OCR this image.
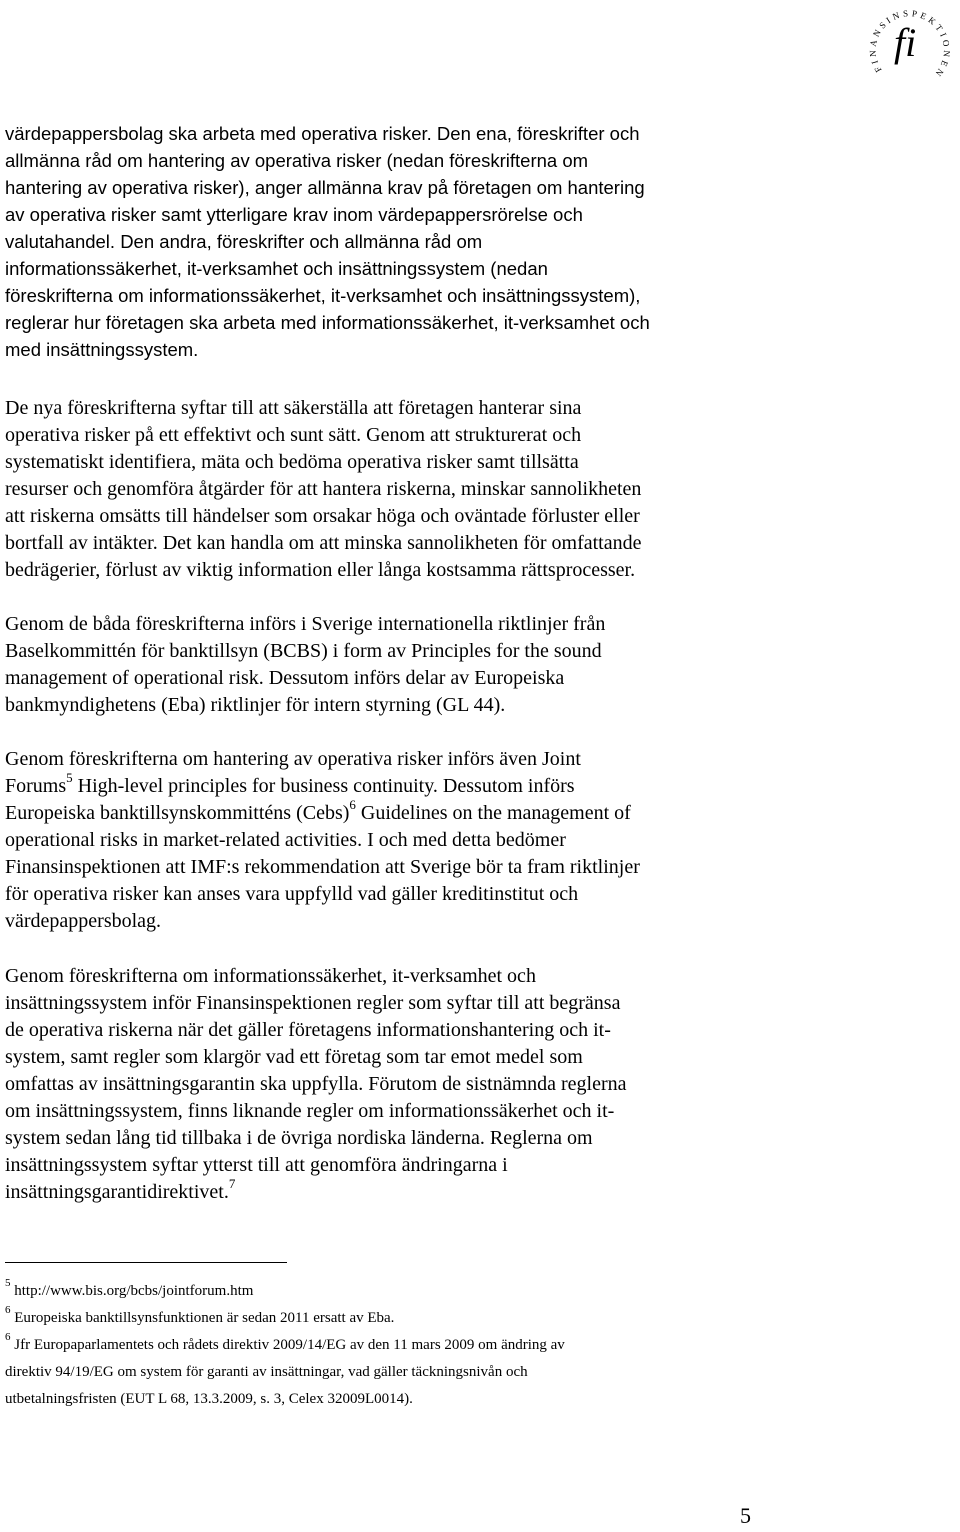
FINANSINSPEKTIONEN
fi
värdepappersbolag ska arbeta med operativa risker. Den ena, föreskrifter och
allmänna råd om hantering av operativa risker (nedan föreskrifterna om
hantering av operativa risker), anger allmänna krav på företagen om hantering
av operativa risker samt ytterligare krav inom värdepappersrörelse och
valutahandel. Den andra, föreskrifter och allmänna råd om
informationssäkerhet, it-verksamhet och insättningssystem (nedan
föreskrifterna om informationssäkerhet, it-verksamhet och insättningssystem),
reglerar hur företagen ska arbeta med informationssäkerhet, it-verksamhet och
med insättningssystem.
De nya föreskrifterna syftar till att säkerställa att företagen hanterar sina
operativa risker på ett effektivt och sunt sätt. Genom att strukturerat och
systematiskt identifiera, mäta och bedöma operativa risker samt tillsätta
resurser och genomföra åtgärder för att hantera riskerna, minskar sannolikheten
att riskerna omsätts till händelser som orsakar höga och oväntade förluster eller
bortfall av intäkter. Det kan handla om att minska sannolikheten för omfattande
bedrägerier, förlust av viktig information eller långa kostsamma rättsprocesser.
Genom de båda föreskrifterna införs i Sverige internationella riktlinjer från
Baselkommittén för banktillsyn (BCBS) i form av Principles for the sound
management of operational risk. Dessutom införs delar av Europeiska
bankmyndighetens (Eba) riktlinjer för intern styrning (GL 44).
Genom föreskrifterna om hantering av operativa risker införs även Joint
Forums$^5$ High-level principles for business continuity. Dessutom införs
Europeiska banktillsynskommitténs (Cebs)$^6$ Guidelines on the management of
operational risks in market-related activities. I och med detta bedömer
Finansinspektionen att IMF:s rekommendation att Sverige bör ta fram riktlinjer
för operativa risker kan anses vara uppfylld vad gäller kreditinstitut och
värdepappersbolag.
Genom föreskrifterna om informationssäkerhet, it-verksamhet och
insättningssystem inför Finansinspektionen regler som syftar till att begränsa
de operativa riskerna när det gäller företagens informationshantering och it-
system, samt regler som klargör vad ett företag som tar emot medel som
omfattas av insättningsgarantin ska uppfylla. Förutom de sistnämnda reglerna
om insättningssystem, finns liknande regler om informationssäkerhet och it-
system sedan lång tid tillbaka i de övriga nordiska länderna. Reglerna om
insättningssystem syftar ytterst till att genomföra ändringarna i
insättningsgarantidirektivet.$^7$
$^5$ http://www.bis.org/bcbs/jointforum.htm
$^6$ Europeiska banktillsynsfunktionen är sedan 2011 ersatt av Eba.
$^6$ Jfr Europaparlamentets och rådets direktiv 2009/14/EG av den 11 mars 2009 om ändring av
direktiv 94/19/EG om system för garanti av insättningar, vad gäller täckningsnivån och
utbetalningsfristen (EUT L 68, 13.3.2009, s. 3, Celex 32009L0014).
5
